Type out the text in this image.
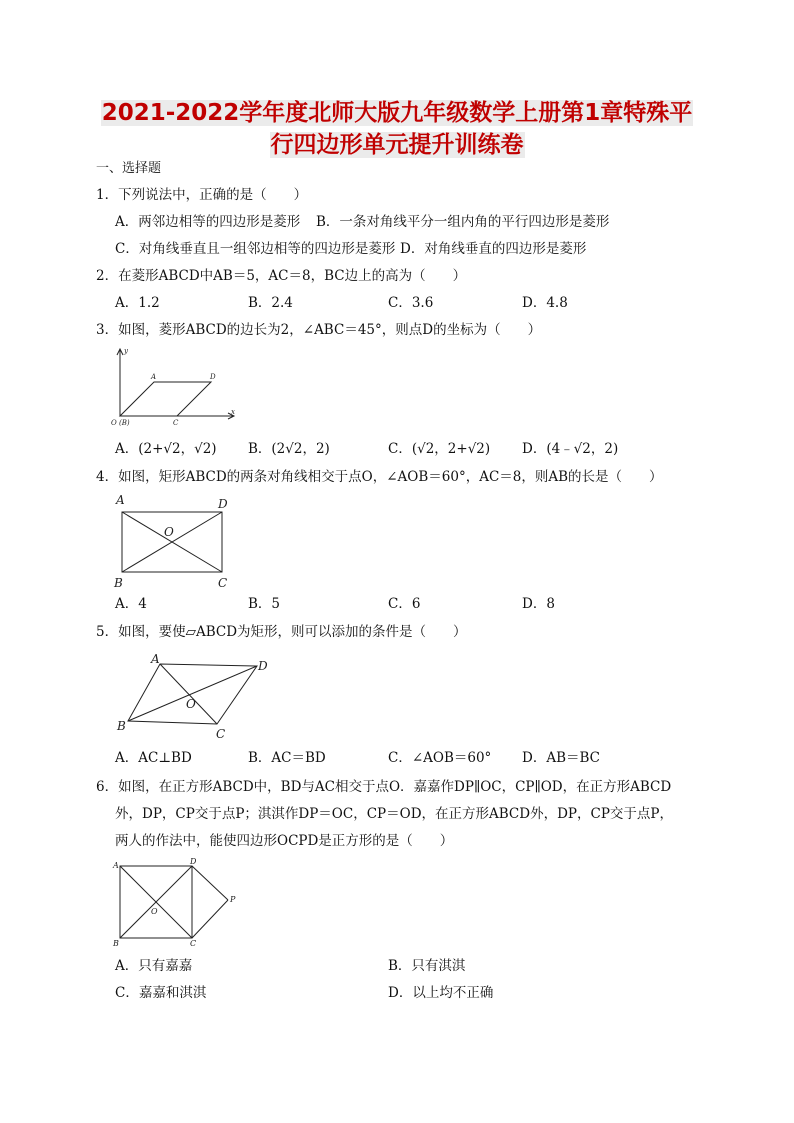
2021-2022学年度北师大版九年级数学上册第1章特殊平
行四边形单元提升训练卷
一、选择题
1．下列说法中，正确的是（　　）
A．两邻边相等的四边形是菱形 B．一条对角线平分一组内角的平行四边形是菱形
C．对角线垂直且一组邻边相等的四边形是菱形 D．对角线垂直的四边形是菱形
2．在菱形ABCD中AB＝5，AC＝8，BC边上的高为（　　）
A．1.2	B．2.4	C．3.6	D．4.8
3．如图，菱形ABCD的边长为2，∠ABC＝45°，则点D的坐标为（　　）
y
x
A	D
O (B)	C
A．(2+√2，√2) B．(2√2，2)	C．(√2，2+√2) D．(4﹣√2，2)
4．如图，矩形ABCD的两条对角线相交于点O，∠AOB＝60°，AC＝8，则AB的长是（　　）
A	D
O
B	C
A．4	B．5	C．6	D．8
5．如图，要使▱ABCD为矩形，则可以添加的条件是（　　）
A	D
O
B
C
A．AC⊥BD	B．AC＝BD	C．∠AOB＝60° D．AB＝BC
6．如图，在正方形ABCD中，BD与AC相交于点O．嘉嘉作DP∥OC，CP∥OD，在正方形ABCD
外，DP，CP交于点P；淇淇作DP＝OC，CP＝OD，在正方形ABCD外，DP，CP交于点P，
两人的作法中，能使四边形OCPD是正方形的是（　　）
A	D
O
B	C
P
A．只有嘉嘉	B．只有淇淇
C．嘉嘉和淇淇	D．以上均不正确
